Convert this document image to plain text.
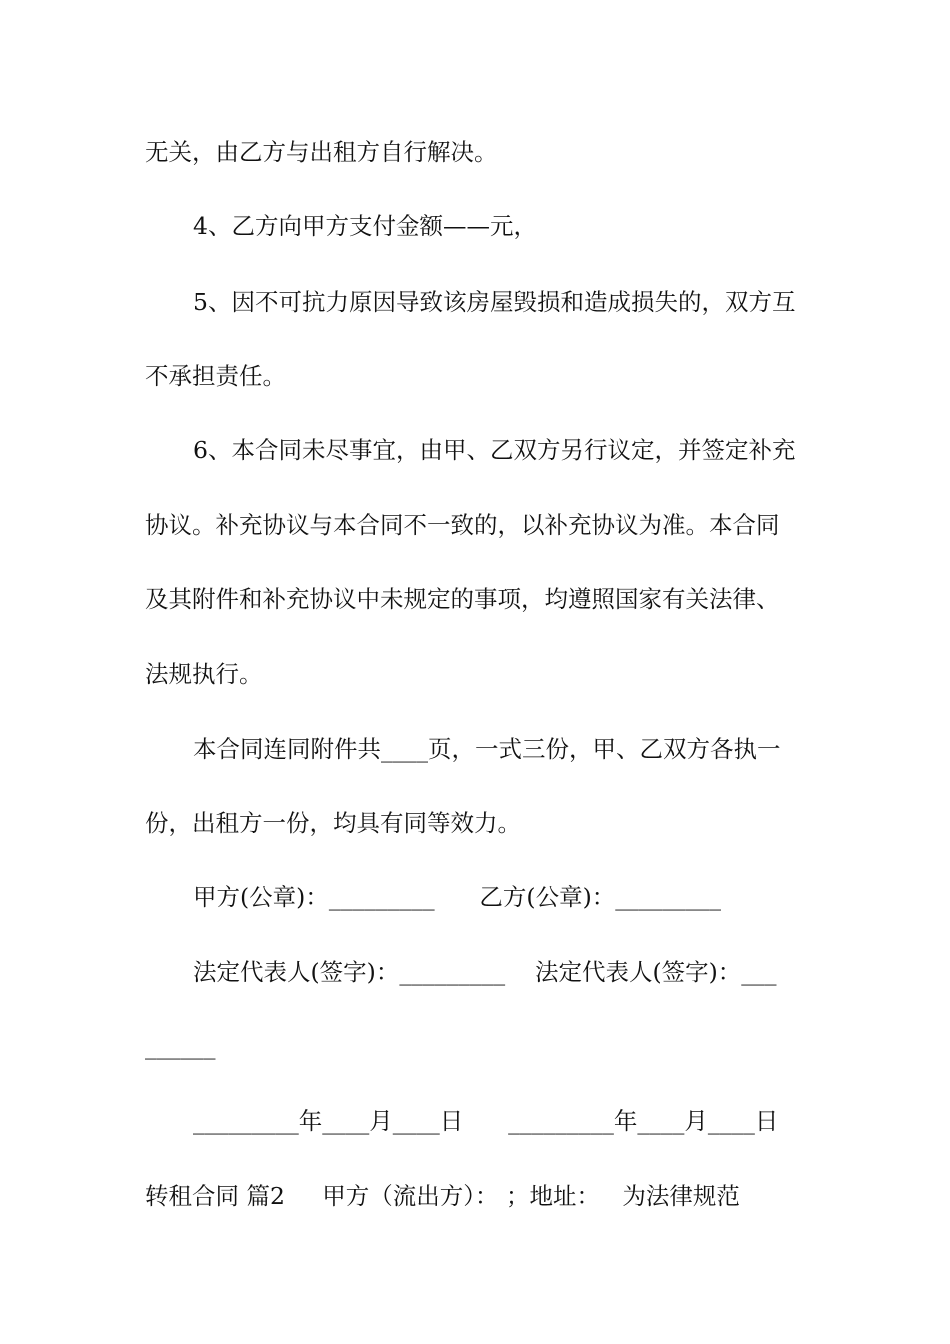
无关，由乙方与出租方自行解决。
4、乙方向甲方支付金额——元，
5、因不可抗力原因导致该房屋毁损和造成损失的，双方互
不承担责任。
6、本合同未尽事宜，由甲、乙双方另行议定，并签定补充
协议。补充协议与本合同不一致的，以补充协议为准。本合同
及其附件和补充协议中未规定的事项，均遵照国家有关法律、
法规执行。
本合同连同附件共____页，一式三份，甲、乙双方各执一
份，出租方一份，均具有同等效力。
甲方(公章)：_________      乙方(公章)：_________
法定代表人(签字)：_________    法定代表人(签字)：___
______
_________年____月____日      _________年____月____日
转租合同 篇2     甲方（流出方）： ；地址：   为法律规范
